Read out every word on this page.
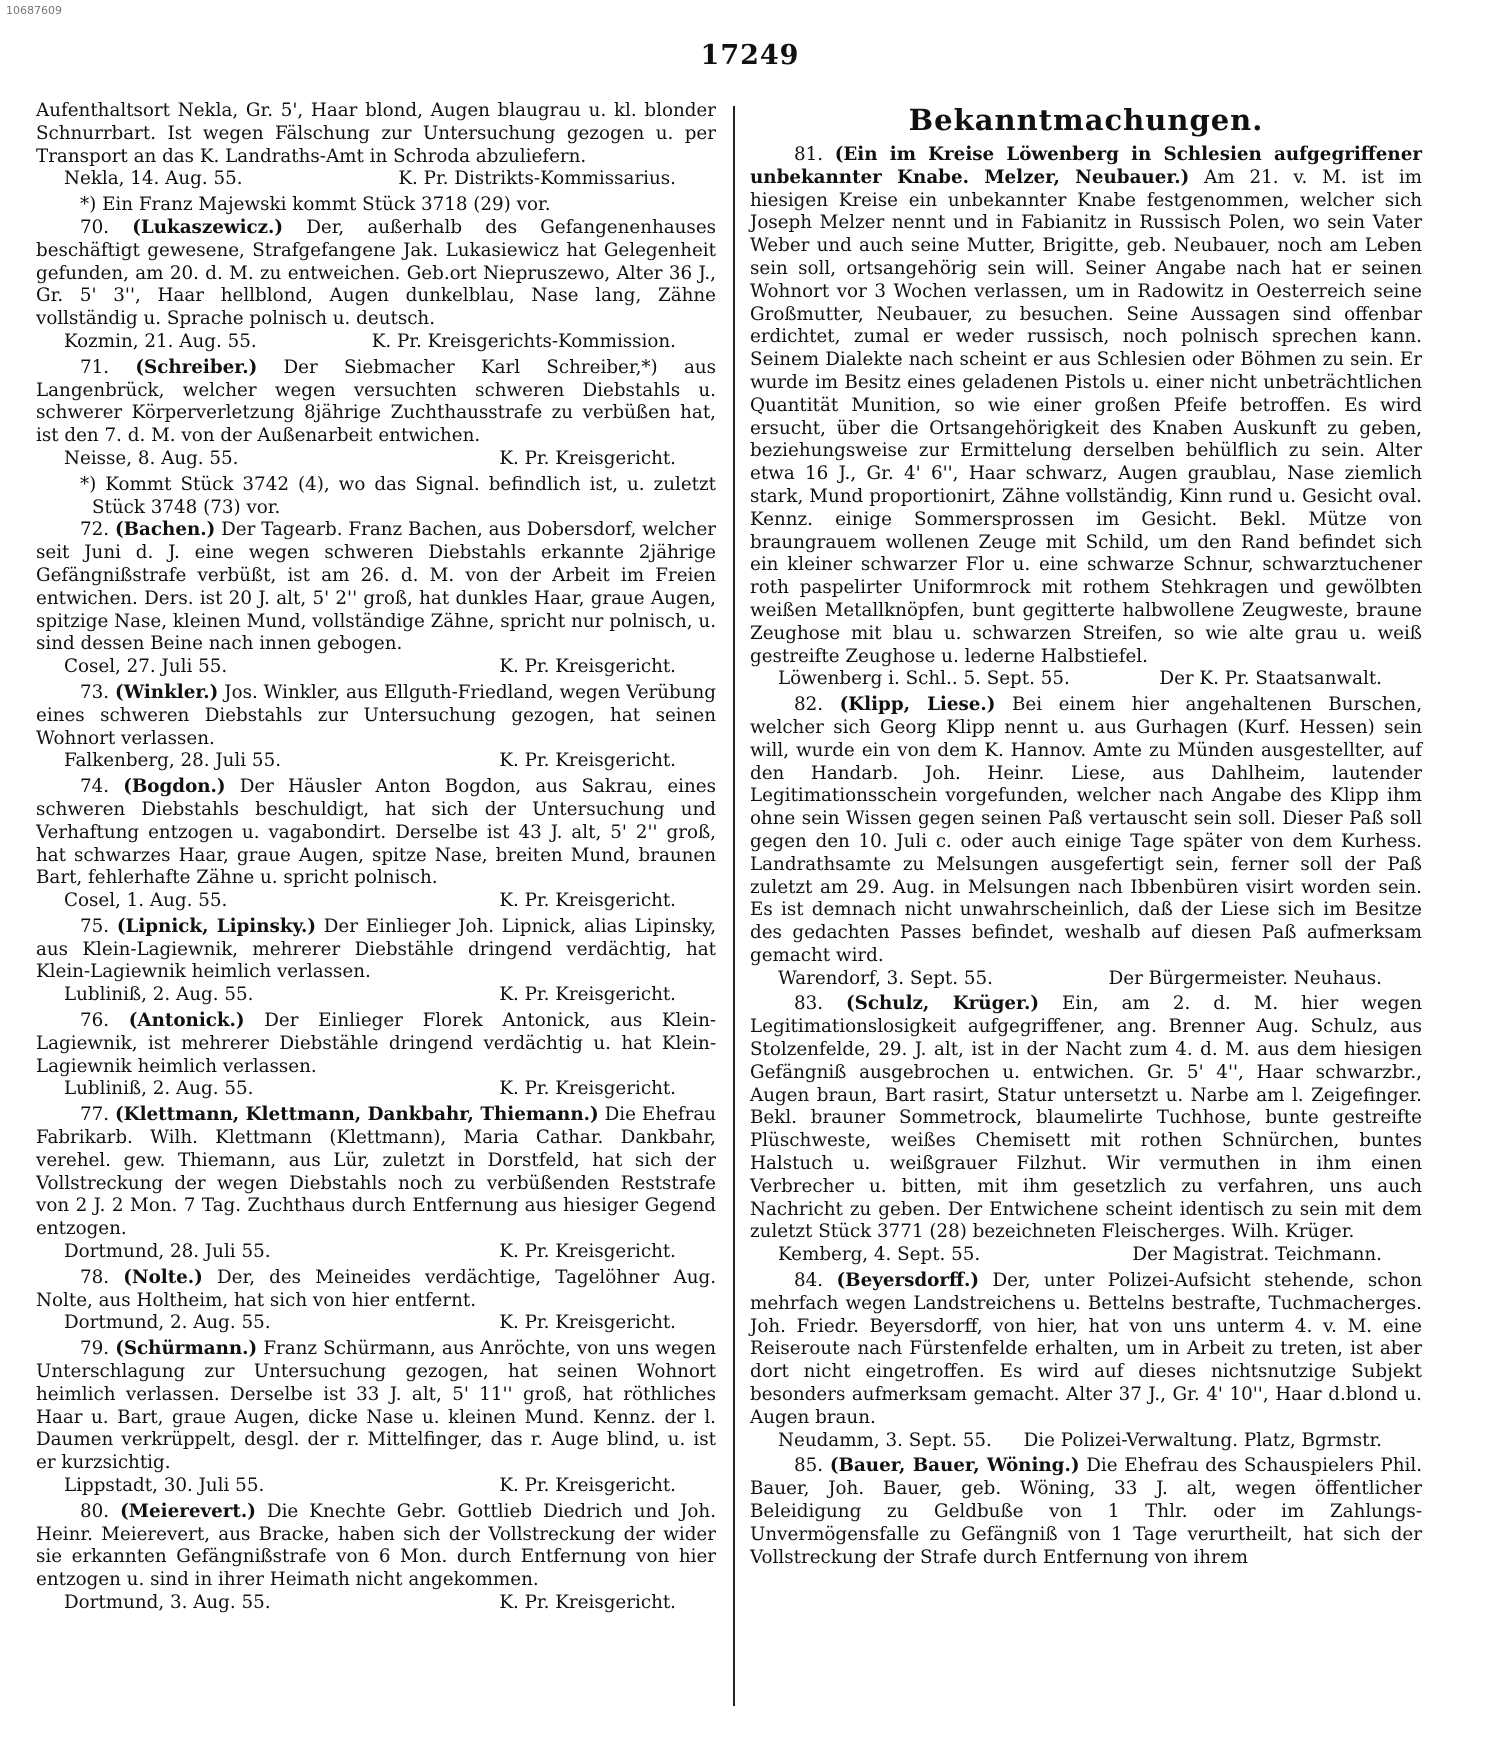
10687609
17249

Aufenthaltsort Nekla, Gr. 5', Haar blond, Augen blaugrau u. kl. blonder Schnurrbart. Ist wegen Fälschung zur Untersuchung gezogen u. per Transport an das K. Landraths-Amt in Schroda abzuliefern.

Nekla, 14. Aug. 55.	K. Pr. Distrikts-Kommissarius.

*) Ein Franz Majewski kommt Stück 3718 (29) vor.

70. (Lukaszewicz.) Der, außerhalb des Gefangenenhauses beschäftigt gewesene, Strafgefangene Jak. Lukasiewicz hat Gelegenheit gefunden, am 20. d. M. zu entweichen. Geb.ort Niepruszewo, Alter 36 J., Gr. 5' 3'', Haar hellblond, Augen dunkelblau, Nase lang, Zähne vollständig u. Sprache polnisch u. deutsch.

Kozmin, 21. Aug. 55.	K. Pr. Kreisgerichts-Kommission.

71. (Schreiber.) Der Siebmacher Karl Schreiber,*) aus Langenbrück, welcher wegen versuchten schweren Diebstahls u. schwerer Körperverletzung 8jährige Zuchthausstrafe zu verbüßen hat, ist den 7. d. M. von der Außenarbeit entwichen.

Neisse, 8. Aug. 55.	K. Pr. Kreisgericht.

*) Kommt Stück 3742 (4), wo das Signal. befindlich ist, u. zuletzt Stück 3748 (73) vor.

72. (Bachen.) Der Tagearb. Franz Bachen, aus Dobersdorf, welcher seit Juni d. J. eine wegen schweren Diebstahls erkannte 2jährige Gefängnißstrafe verbüßt, ist am 26. d. M. von der Arbeit im Freien entwichen. Ders. ist 20 J. alt, 5' 2'' groß, hat dunkles Haar, graue Augen, spitzige Nase, kleinen Mund, vollständige Zähne, spricht nur polnisch, u. sind dessen Beine nach innen gebogen.

Cosel, 27. Juli 55.	K. Pr. Kreisgericht.

73. (Winkler.) Jos. Winkler, aus Ellguth-Friedland, wegen Verübung eines schweren Diebstahls zur Untersuchung gezogen, hat seinen Wohnort verlassen.

Falkenberg, 28. Juli 55.	K. Pr. Kreisgericht.

74. (Bogdon.) Der Häusler Anton Bogdon, aus Sakrau, eines schweren Diebstahls beschuldigt, hat sich der Untersuchung und Verhaftung entzogen u. vagabondirt. Derselbe ist 43 J. alt, 5' 2'' groß, hat schwarzes Haar, graue Augen, spitze Nase, breiten Mund, braunen Bart, fehlerhafte Zähne u. spricht polnisch.

Cosel, 1. Aug. 55.	K. Pr. Kreisgericht.

75. (Lipnick, Lipinsky.) Der Einlieger Joh. Lipnick, alias Lipinsky, aus Klein-Lagiewnik, mehrerer Diebstähle dringend verdächtig, hat Klein-Lagiewnik heimlich verlassen.

Lubliniß, 2. Aug. 55.	K. Pr. Kreisgericht.

76. (Antonick.) Der Einlieger Florek Antonick, aus Klein-Lagiewnik, ist mehrerer Diebstähle dringend verdächtig u. hat Klein-Lagiewnik heimlich verlassen.

Lubliniß, 2. Aug. 55.	K. Pr. Kreisgericht.

77. (Klettmann, Klettmann, Dankbahr, Thiemann.) Die Ehefrau Fabrikarb. Wilh. Klettmann (Klettmann), Maria Cathar. Dankbahr, verehel. gew. Thiemann, aus Lür, zuletzt in Dorstfeld, hat sich der Vollstreckung der wegen Diebstahls noch zu verbüßenden Reststrafe von 2 J. 2 Mon. 7 Tag. Zuchthaus durch Entfernung aus hiesiger Gegend entzogen.

Dortmund, 28. Juli 55.	K. Pr. Kreisgericht.

78. (Nolte.) Der, des Meineides verdächtige, Tagelöhner Aug. Nolte, aus Holtheim, hat sich von hier entfernt.

Dortmund, 2. Aug. 55.	K. Pr. Kreisgericht.

79. (Schürmann.) Franz Schürmann, aus Anröchte, von uns wegen Unterschlagung zur Untersuchung gezogen, hat seinen Wohnort heimlich verlassen. Derselbe ist 33 J. alt, 5' 11'' groß, hat röthliches Haar u. Bart, graue Augen, dicke Nase u. kleinen Mund. Kennz. der l. Daumen verkrüppelt, desgl. der r. Mittelfinger, das r. Auge blind, u. ist er kurzsichtig.

Lippstadt, 30. Juli 55.	K. Pr. Kreisgericht.

80. (Meierevert.) Die Knechte Gebr. Gottlieb Diedrich und Joh. Heinr. Meierevert, aus Bracke, haben sich der Vollstreckung der wider sie erkannten Gefängnißstrafe von 6 Mon. durch Entfernung von hier entzogen u. sind in ihrer Heimath nicht angekommen.

Dortmund, 3. Aug. 55.	K. Pr. Kreisgericht.
Bekanntmachungen.

81. (Ein im Kreise Löwenberg in Schlesien aufgegriffener unbekannter Knabe. Melzer, Neubauer.) Am 21. v. M. ist im hiesigen Kreise ein unbekannter Knabe festgenommen, welcher sich Joseph Melzer nennt und in Fabianitz in Russisch Polen, wo sein Vater Weber und auch seine Mutter, Brigitte, geb. Neubauer, noch am Leben sein soll, ortsangehörig sein will. Seiner Angabe nach hat er seinen Wohnort vor 3 Wochen verlassen, um in Radowitz in Oesterreich seine Großmutter, Neubauer, zu besuchen. Seine Aussagen sind offenbar erdichtet, zumal er weder russisch, noch polnisch sprechen kann. Seinem Dialekte nach scheint er aus Schlesien oder Böhmen zu sein. Er wurde im Besitz eines geladenen Pistols u. einer nicht unbeträchtlichen Quantität Munition, so wie einer großen Pfeife betroffen. Es wird ersucht, über die Ortsangehörigkeit des Knaben Auskunft zu geben, beziehungsweise zur Ermittelung derselben behülflich zu sein. Alter etwa 16 J., Gr. 4' 6'', Haar schwarz, Augen graublau, Nase ziemlich stark, Mund proportionirt, Zähne vollständig, Kinn rund u. Gesicht oval. Kennz. einige Sommersprossen im Gesicht. Bekl. Mütze von braungrauem wollenen Zeuge mit Schild, um den Rand befindet sich ein kleiner schwarzer Flor u. eine schwarze Schnur, schwarztuchener roth paspelirter Uniformrock mit rothem Stehkragen und gewölbten weißen Metallknöpfen, bunt gegitterte halbwollene Zeugweste, braune Zeughose mit blau u. schwarzen Streifen, so wie alte grau u. weiß gestreifte Zeughose u. lederne Halbstiefel.

Löwenberg i. Schl.. 5. Sept. 55.	Der K. Pr. Staatsanwalt.

82. (Klipp, Liese.) Bei einem hier angehaltenen Burschen, welcher sich Georg Klipp nennt u. aus Gurhagen (Kurf. Hessen) sein will, wurde ein von dem K. Hannov. Amte zu Münden ausgestellter, auf den Handarb. Joh. Heinr. Liese, aus Dahlheim, lautender Legitimationsschein vorgefunden, welcher nach Angabe des Klipp ihm ohne sein Wissen gegen seinen Paß vertauscht sein soll. Dieser Paß soll gegen den 10. Juli c. oder auch einige Tage später von dem Kurhess. Landrathsamte zu Melsungen ausgefertigt sein, ferner soll der Paß zuletzt am 29. Aug. in Melsungen nach Ibbenbüren visirt worden sein. Es ist demnach nicht unwahrscheinlich, daß der Liese sich im Besitze des gedachten Passes befindet, weshalb auf diesen Paß aufmerksam gemacht wird.

Warendorf, 3. Sept. 55.	Der Bürgermeister. Neuhaus.

83. (Schulz, Krüger.) Ein, am 2. d. M. hier wegen Legitimationslosigkeit aufgegriffener, ang. Brenner Aug. Schulz, aus Stolzenfelde, 29. J. alt, ist in der Nacht zum 4. d. M. aus dem hiesigen Gefängniß ausgebrochen u. entwichen. Gr. 5' 4'', Haar schwarzbr., Augen braun, Bart rasirt, Statur untersetzt u. Narbe am l. Zeigefinger. Bekl. brauner Sommetrock, blaumelirte Tuchhose, bunte gestreifte Plüschweste, weißes Chemisett mit rothen Schnürchen, buntes Halstuch u. weißgrauer Filzhut. Wir vermuthen in ihm einen Verbrecher u. bitten, mit ihm gesetzlich zu verfahren, uns auch Nachricht zu geben. Der Entwichene scheint identisch zu sein mit dem zuletzt Stück 3771 (28) bezeichneten Fleischerges. Wilh. Krüger.

Kemberg, 4. Sept. 55.	Der Magistrat. Teichmann.

84. (Beyersdorff.) Der, unter Polizei-Aufsicht stehende, schon mehrfach wegen Landstreichens u. Bettelns bestrafte, Tuchmacherges. Joh. Friedr. Beyersdorff, von hier, hat von uns unterm 4. v. M. eine Reiseroute nach Fürstenfelde erhalten, um in Arbeit zu treten, ist aber dort nicht eingetroffen. Es wird auf dieses nichtsnutzige Subjekt besonders aufmerksam gemacht. Alter 37 J., Gr. 4' 10'', Haar d.blond u. Augen braun.

Neudamm, 3. Sept. 55. Die Polizei-Verwaltung. Platz, Bgrmstr.

85. (Bauer, Bauer, Wöning.) Die Ehefrau des Schauspielers Phil. Bauer, Joh. Bauer, geb. Wöning, 33 J. alt, wegen öffentlicher Beleidigung zu Geldbuße von 1 Thlr. oder im Zahlungs-Unvermögensfalle zu Gefängniß von 1 Tage verurtheilt, hat sich der Vollstreckung der Strafe durch Entfernung von ihrem
